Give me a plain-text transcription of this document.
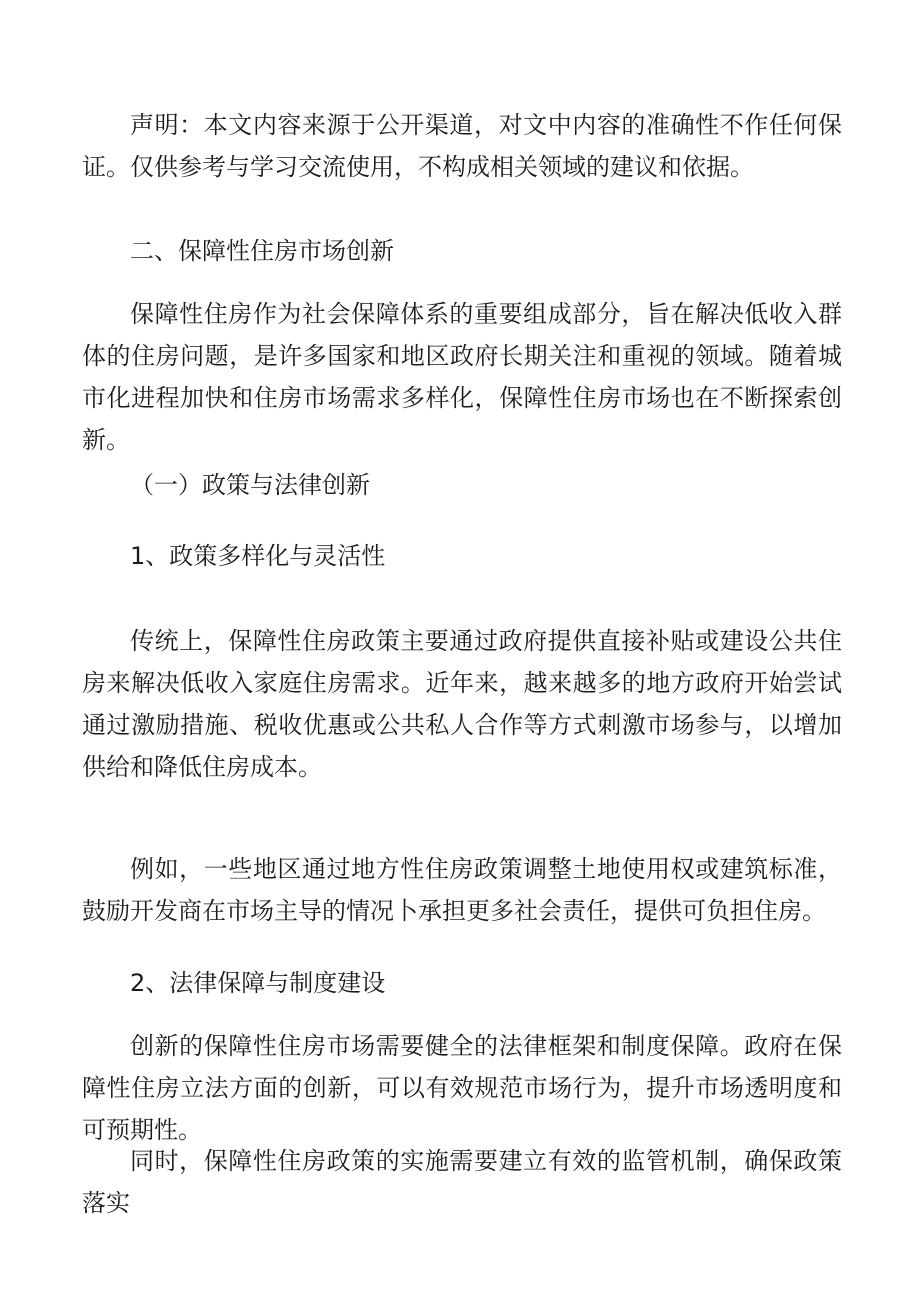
声明：本文内容来源于公开渠道，对文中内容的准确性不作任何保证。仅供参考与学习交流使用，不构成相关领域的建议和依据。

二、保障性住房市场创新

保障性住房作为社会保障体系的重要组成部分，旨在解决低收入群体的住房问题，是许多国家和地区政府长期关注和重视的领域。随着城市化进程加快和住房市场需求多样化，保障性住房市场也在不断探索创新。

（一）政策与法律创新

1、政策多样化与灵活性

传统上，保障性住房政策主要通过政府提供直接补贴或建设公共住房来解决低收入家庭住房需求。近年来，越来越多的地方政府开始尝试通过激励措施、税收优惠或公共私人合作等方式刺激市场参与，以增加供给和降低住房成本。

例如，一些地区通过地方性住房政策调整土地使用权或建筑标准，鼓励开发商在市场主导的情况卜承担更多社会责任，提供可负担住房。

2、法律保障与制度建设

创新的保障性住房市场需要健全的法律框架和制度保障。政府在保障性住房立法方面的创新，可以有效规范市场行为，提升市场透明度和可预期性。

同时，保障性住房政策的实施需要建立有效的监管机制，确保政策落实
